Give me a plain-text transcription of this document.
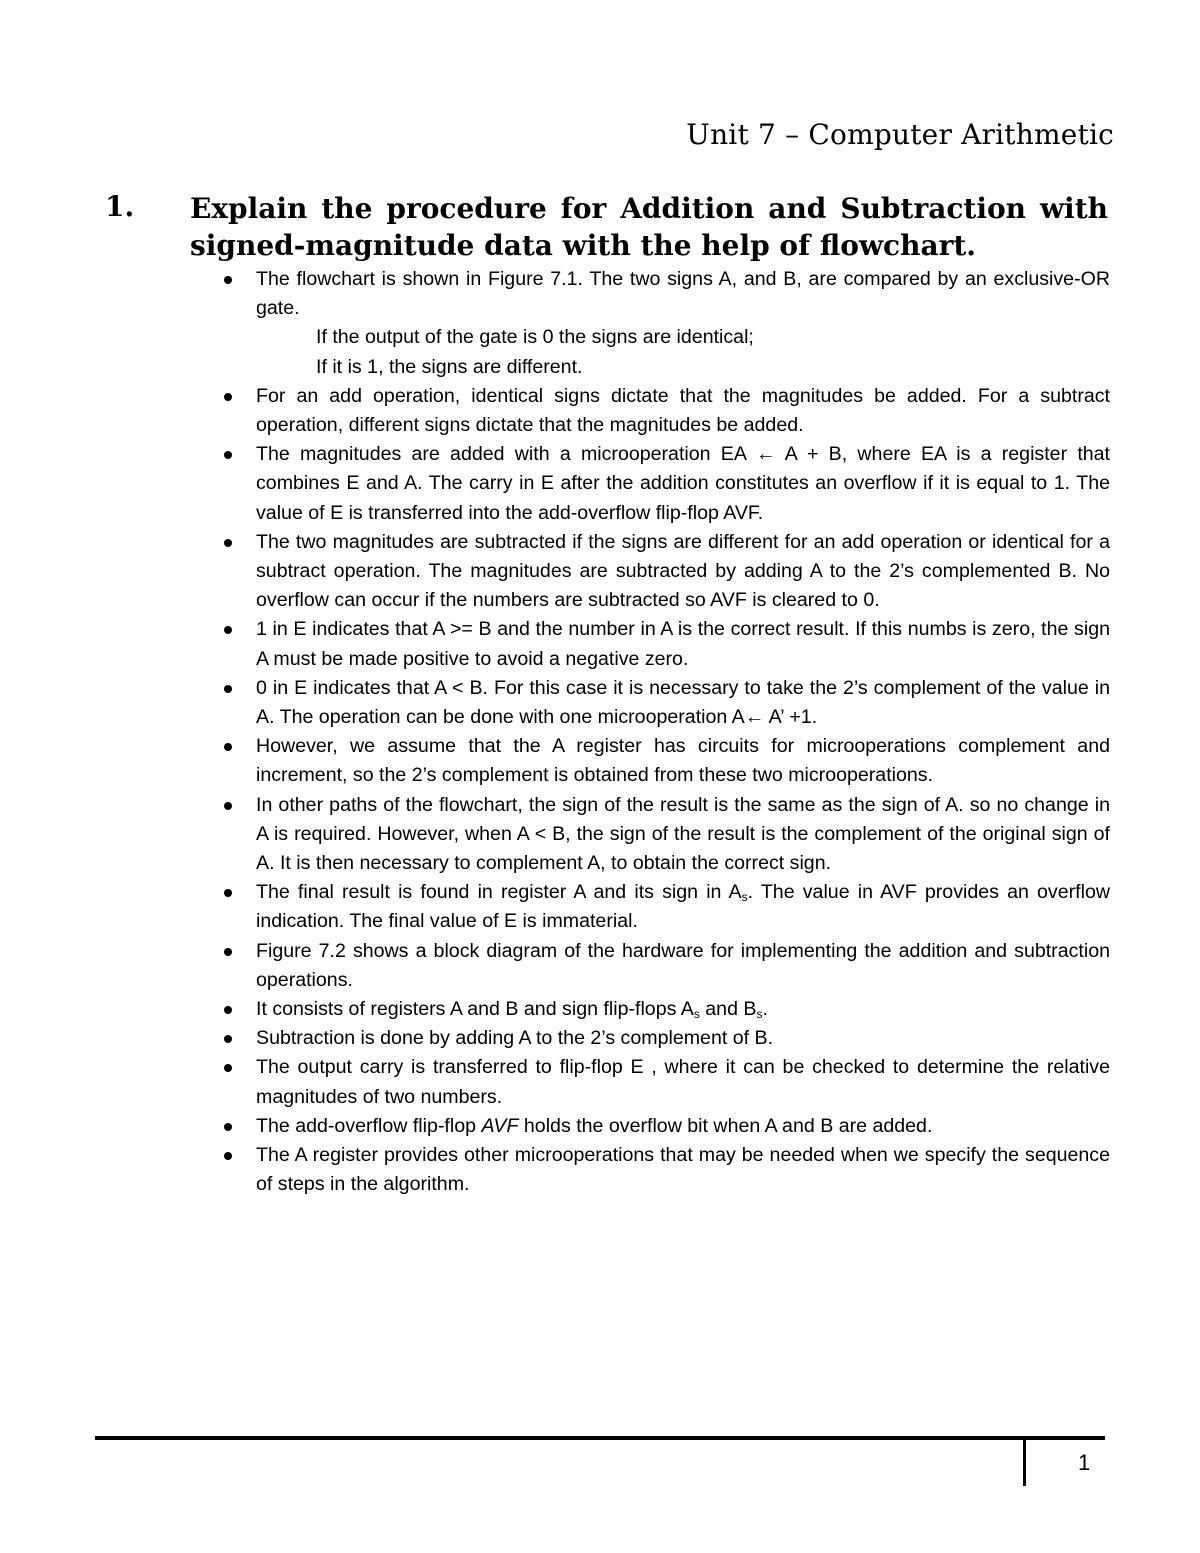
Unit 7 – Computer Arithmetic
1. Explain the procedure for Addition and Subtraction with
signed-magnitude data with the help of flowchart.
The flowchart is shown in Figure 7.1. The two signs A, and B, are compared by an exclusive-OR gate.
If the output of the gate is 0 the signs are identical;
If it is 1, the signs are different.
For an add operation, identical signs dictate that the magnitudes be added. For a subtract operation, different signs dictate that the magnitudes be added.
The magnitudes are added with a microoperation EA ← A + B, where EA is a register that combines E and A. The carry in E after the addition constitutes an overflow if it is equal to 1. The value of E is transferred into the add-overflow flip-flop AVF.
The two magnitudes are subtracted if the signs are different for an add operation or identical for a subtract operation. The magnitudes are subtracted by adding A to the 2’s complemented B. No overflow can occur if the numbers are subtracted so AVF is cleared to 0.
1 in E indicates that A >= B and the number in A is the correct result. If this numbs is zero, the sign A must be made positive to avoid a negative zero.
0 in E indicates that A < B. For this case it is necessary to take the 2’s complement of the value in A. The operation can be done with one microoperation A← A’ +1.
However, we assume that the A register has circuits for microoperations complement and increment, so the 2’s complement is obtained from these two microoperations.
In other paths of the flowchart, the sign of the result is the same as the sign of A. so no change in A is required. However, when A < B, the sign of the result is the complement of the original sign of A. It is then necessary to complement A, to obtain the correct sign.
The final result is found in register A and its sign in $A_s$. The value in AVF provides an overflow indication. The final value of E is immaterial.
Figure 7.2 shows a block diagram of the hardware for implementing the addition and subtraction operations.
It consists of registers A and B and sign flip-flops $A_s$ and $B_s$.
Subtraction is done by adding A to the 2’s complement of B.
The output carry is transferred to flip-flop E , where it can be checked to determine the relative magnitudes of two numbers.
The add-overflow flip-flop AVF holds the overflow bit when A and B are added.
The A register provides other microoperations that may be needed when we specify the sequence of steps in the algorithm.
1
